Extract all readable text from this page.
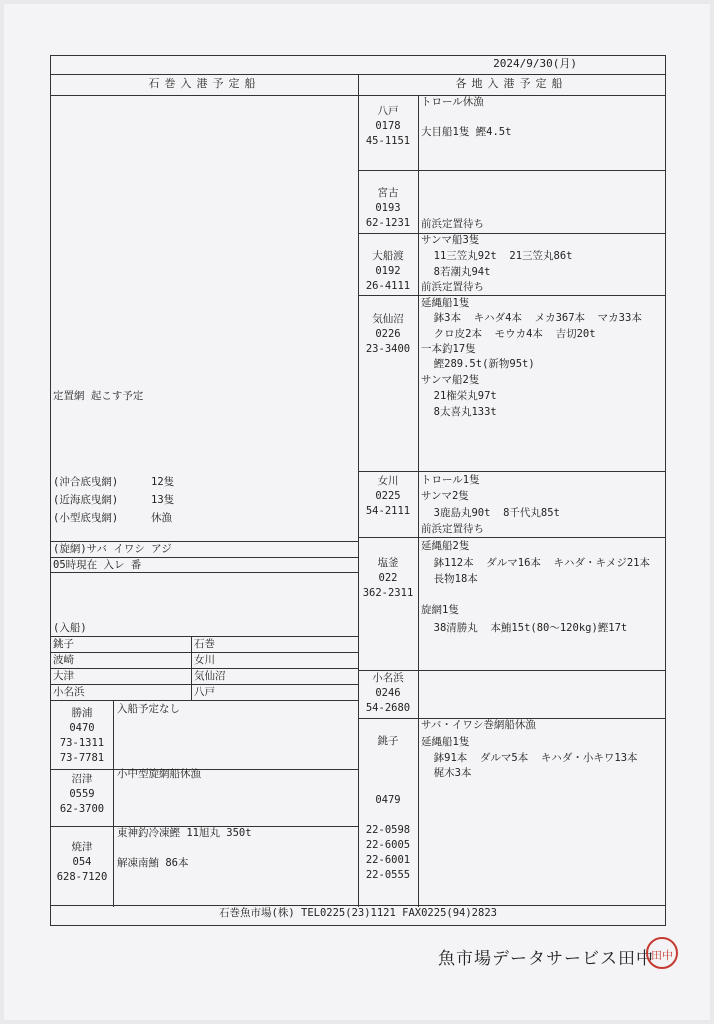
2024/9/30(月)
石巻入港予定船	各地入港予定船
定置網 起こす予定
(沖合底曳網)	12隻
(近海底曳網)	13隻
(小型底曳網)	休漁
(旋網)サバ イワシ アジ
05時現在 入レ 番
(入船)
銚子	石巻
波崎	女川
大津	気仙沼
小名浜	八戸
勝浦
0470
73-1311
73-7781
入船予定なし
沼津
0559
62-3700
小中型旋網船休漁
焼津
054
628-7120
東神釣冷凍鰹 11旭丸 350t
解凍南鮪 86本
八戸
0178
45-1151
トロール休漁
大目船1隻 鰹4.5t
宮古
0193
62-1231	前浜定置待ち
大船渡
0192
26-4111
サンマ船3隻
11三笠丸92t  21三笠丸86t
8若潮丸94t
前浜定置待ち
気仙沼
0226
23-3400
延縄船1隻
鉢3本  キハダ4本  メカ367本  マカ33本
クロ皮2本  モウカ4本  吉切20t
一本釣17隻
鰹289.5t(新物95t)
サンマ船2隻
21権栄丸97t
8太喜丸133t
女川
0225
54-2111
トロール1隻
サンマ2隻
3鹿島丸90t  8千代丸85t
前浜定置待ち
塩釜
022
362-2311
延縄船2隻
鉢112本  ダルマ16本  キハダ・キメジ21本
長物18本
旋網1隻
38清勝丸  本鮪15t(80～120kg)鰹17t
小名浜
0246
54-2680

銚子

0479

22-0598
22-6005
22-6001
22-0555

サバ・イワシ巻網船休漁
延縄船1隻
鉢91本  ダルマ5本  キハダ・小キワ13本
梶木3本
石巻魚市場(株) TEL0225(23)1121 FAX0225(94)2823
魚市場データサービス田中
田中
